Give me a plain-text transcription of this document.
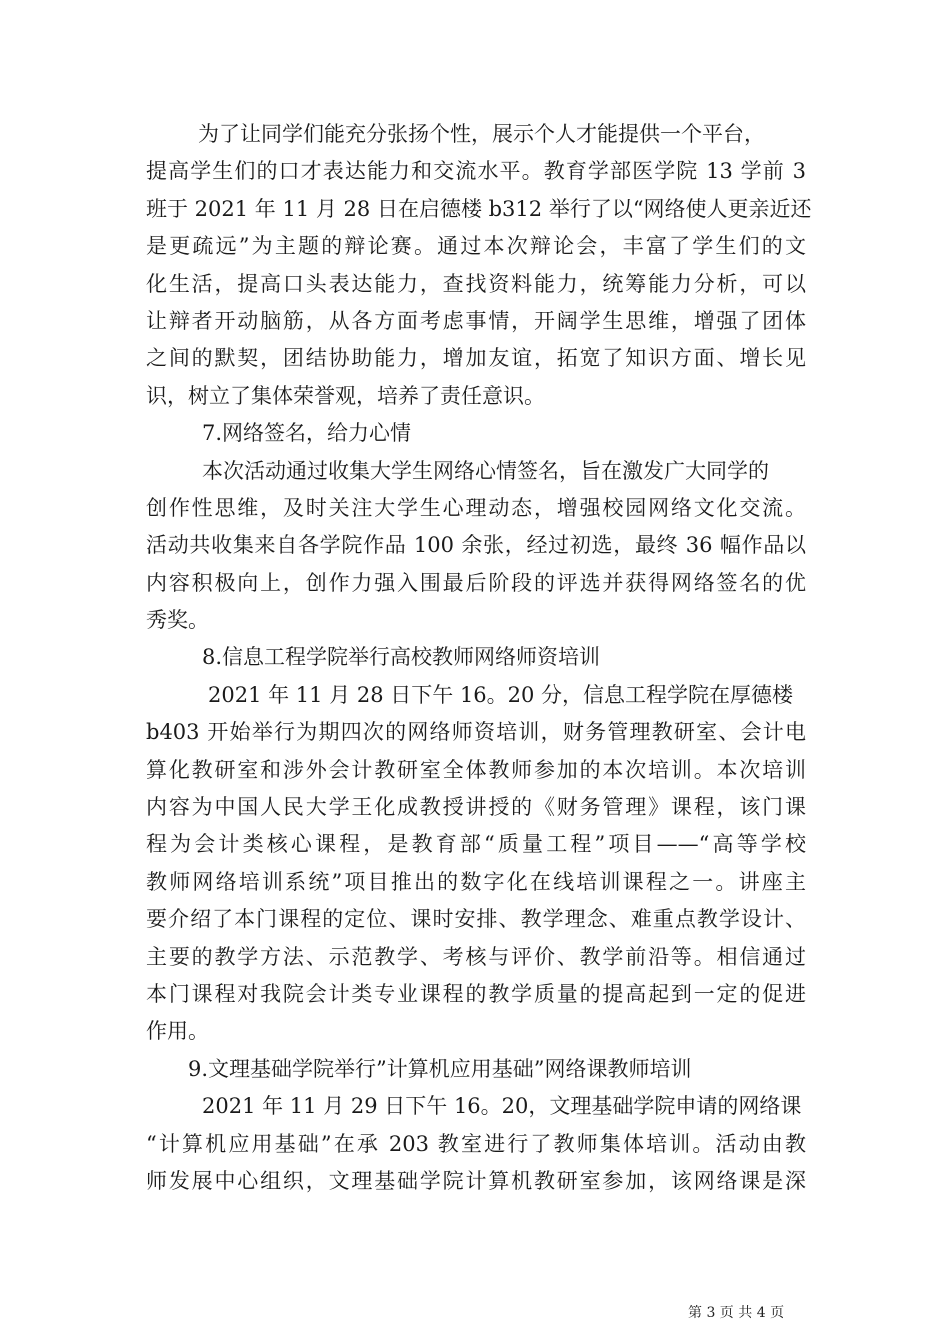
为了让同学们能充分张扬个性，展示个人才能提供一个平台，
提高学生们的口才表达能力和交流水平。教育学部医学院 13 学前 3
班于 2021 年 11 月 28 日在启德楼 b312 举行了以“网络使人更亲近还
是更疏远”为主题的辩论赛。通过本次辩论会，丰富了学生们的文
化生活，提高口头表达能力，查找资料能力，统筹能力分析，可以
让辩者开动脑筋，从各方面考虑事情，开阔学生思维，增强了团体
之间的默契，团结协助能力，增加友谊，拓宽了知识方面、增长见
识，树立了集体荣誉观，培养了责任意识。
7.网络签名，给力心情
本次活动通过收集大学生网络心情签名，旨在激发广大同学的
创作性思维，及时关注大学生心理动态，增强校园网络文化交流。
活动共收集来自各学院作品 100 余张，经过初选，最终 36 幅作品以
内容积极向上，创作力强入围最后阶段的评选并获得网络签名的优
秀奖。
8.信息工程学院举行高校教师网络师资培训
2021 年 11 月 28 日下午 16。20 分，信息工程学院在厚德楼
b403 开始举行为期四次的网络师资培训，财务管理教研室、会计电
算化教研室和涉外会计教研室全体教师参加的本次培训。本次培训
内容为中国人民大学王化成教授讲授的《财务管理》课程，该门课
程为会计类核心课程，是教育部“质量工程”项目——“高等学校
教师网络培训系统”项目推出的数字化在线培训课程之一。讲座主
要介绍了本门课程的定位、课时安排、教学理念、难重点教学设计、
主要的教学方法、示范教学、考核与评价、教学前沿等。相信通过
本门课程对我院会计类专业课程的教学质量的提高起到一定的促进
作用。
9.文理基础学院举行”计算机应用基础”网络课教师培训
2021 年 11 月 29 日下午 16。20，文理基础学院申请的网络课
“计算机应用基础”在承 203 教室进行了教师集体培训。活动由教
师发展中心组织，文理基础学院计算机教研室参加，该网络课是深
第 3 页 共 4 页
